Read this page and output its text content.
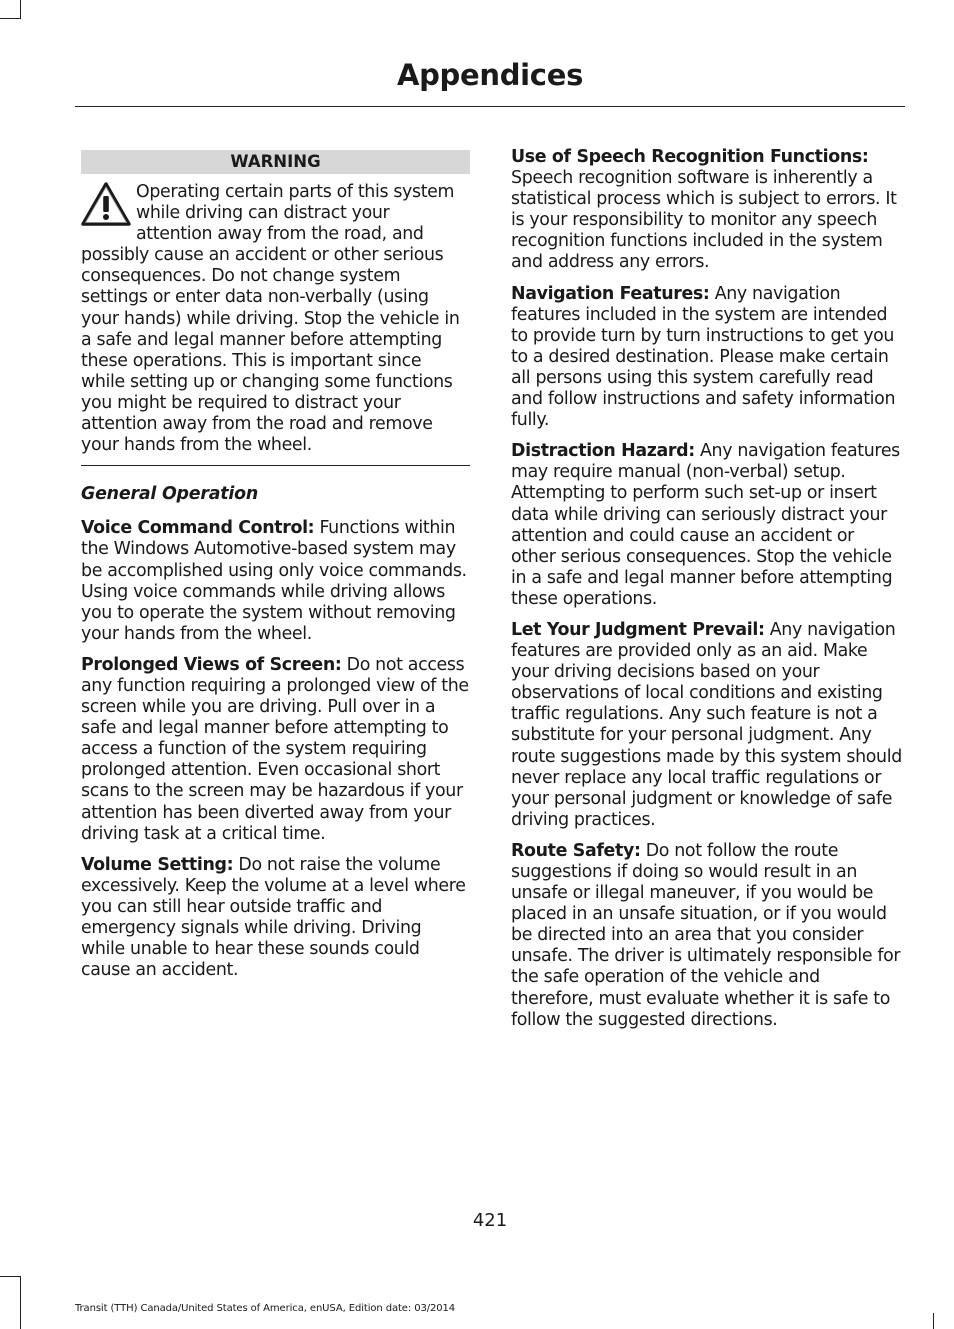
Appendices
WARNING

Operating certain parts of this system while driving can distract your attention away from the road, and possibly cause an accident or other serious consequences. Do not change system settings or enter data non-verbally (using your hands) while driving. Stop the vehicle in a safe and legal manner before attempting these operations. This is important since while setting up or changing some functions you might be required to distract your attention away from the road and remove your hands from the wheel.

General Operation

Voice Command Control: Functions within the Windows Automotive-based system may be accomplished using only voice commands. Using voice commands while driving allows you to operate the system without removing your hands from the wheel.

Prolonged Views of Screen: Do not access any function requiring a prolonged view of the screen while you are driving. Pull over in a safe and legal manner before attempting to access a function of the system requiring prolonged attention. Even occasional short scans to the screen may be hazardous if your attention has been diverted away from your driving task at a critical time.

Volume Setting: Do not raise the volume excessively. Keep the volume at a level where you can still hear outside traffic and emergency signals while driving. Driving while unable to hear these sounds could cause an accident.

Use of Speech Recognition Functions: Speech recognition software is inherently a statistical process which is subject to errors. It is your responsibility to monitor any speech recognition functions included in the system and address any errors.

Navigation Features: Any navigation features included in the system are intended to provide turn by turn instructions to get you to a desired destination. Please make certain all persons using this system carefully read and follow instructions and safety information fully.

Distraction Hazard: Any navigation features may require manual (non-verbal) setup. Attempting to perform such set-up or insert data while driving can seriously distract your attention and could cause an accident or other serious consequences. Stop the vehicle in a safe and legal manner before attempting these operations.

Let Your Judgment Prevail: Any navigation features are provided only as an aid. Make your driving decisions based on your observations of local conditions and existing traffic regulations. Any such feature is not a substitute for your personal judgment. Any route suggestions made by this system should never replace any local traffic regulations or your personal judgment or knowledge of safe driving practices.

Route Safety: Do not follow the route suggestions if doing so would result in an unsafe or illegal maneuver, if you would be placed in an unsafe situation, or if you would be directed into an area that you consider unsafe. The driver is ultimately responsible for the safe operation of the vehicle and therefore, must evaluate whether it is safe to follow the suggested directions.

421
Transit (TTH) Canada/United States of America, enUSA, Edition date: 03/2014
